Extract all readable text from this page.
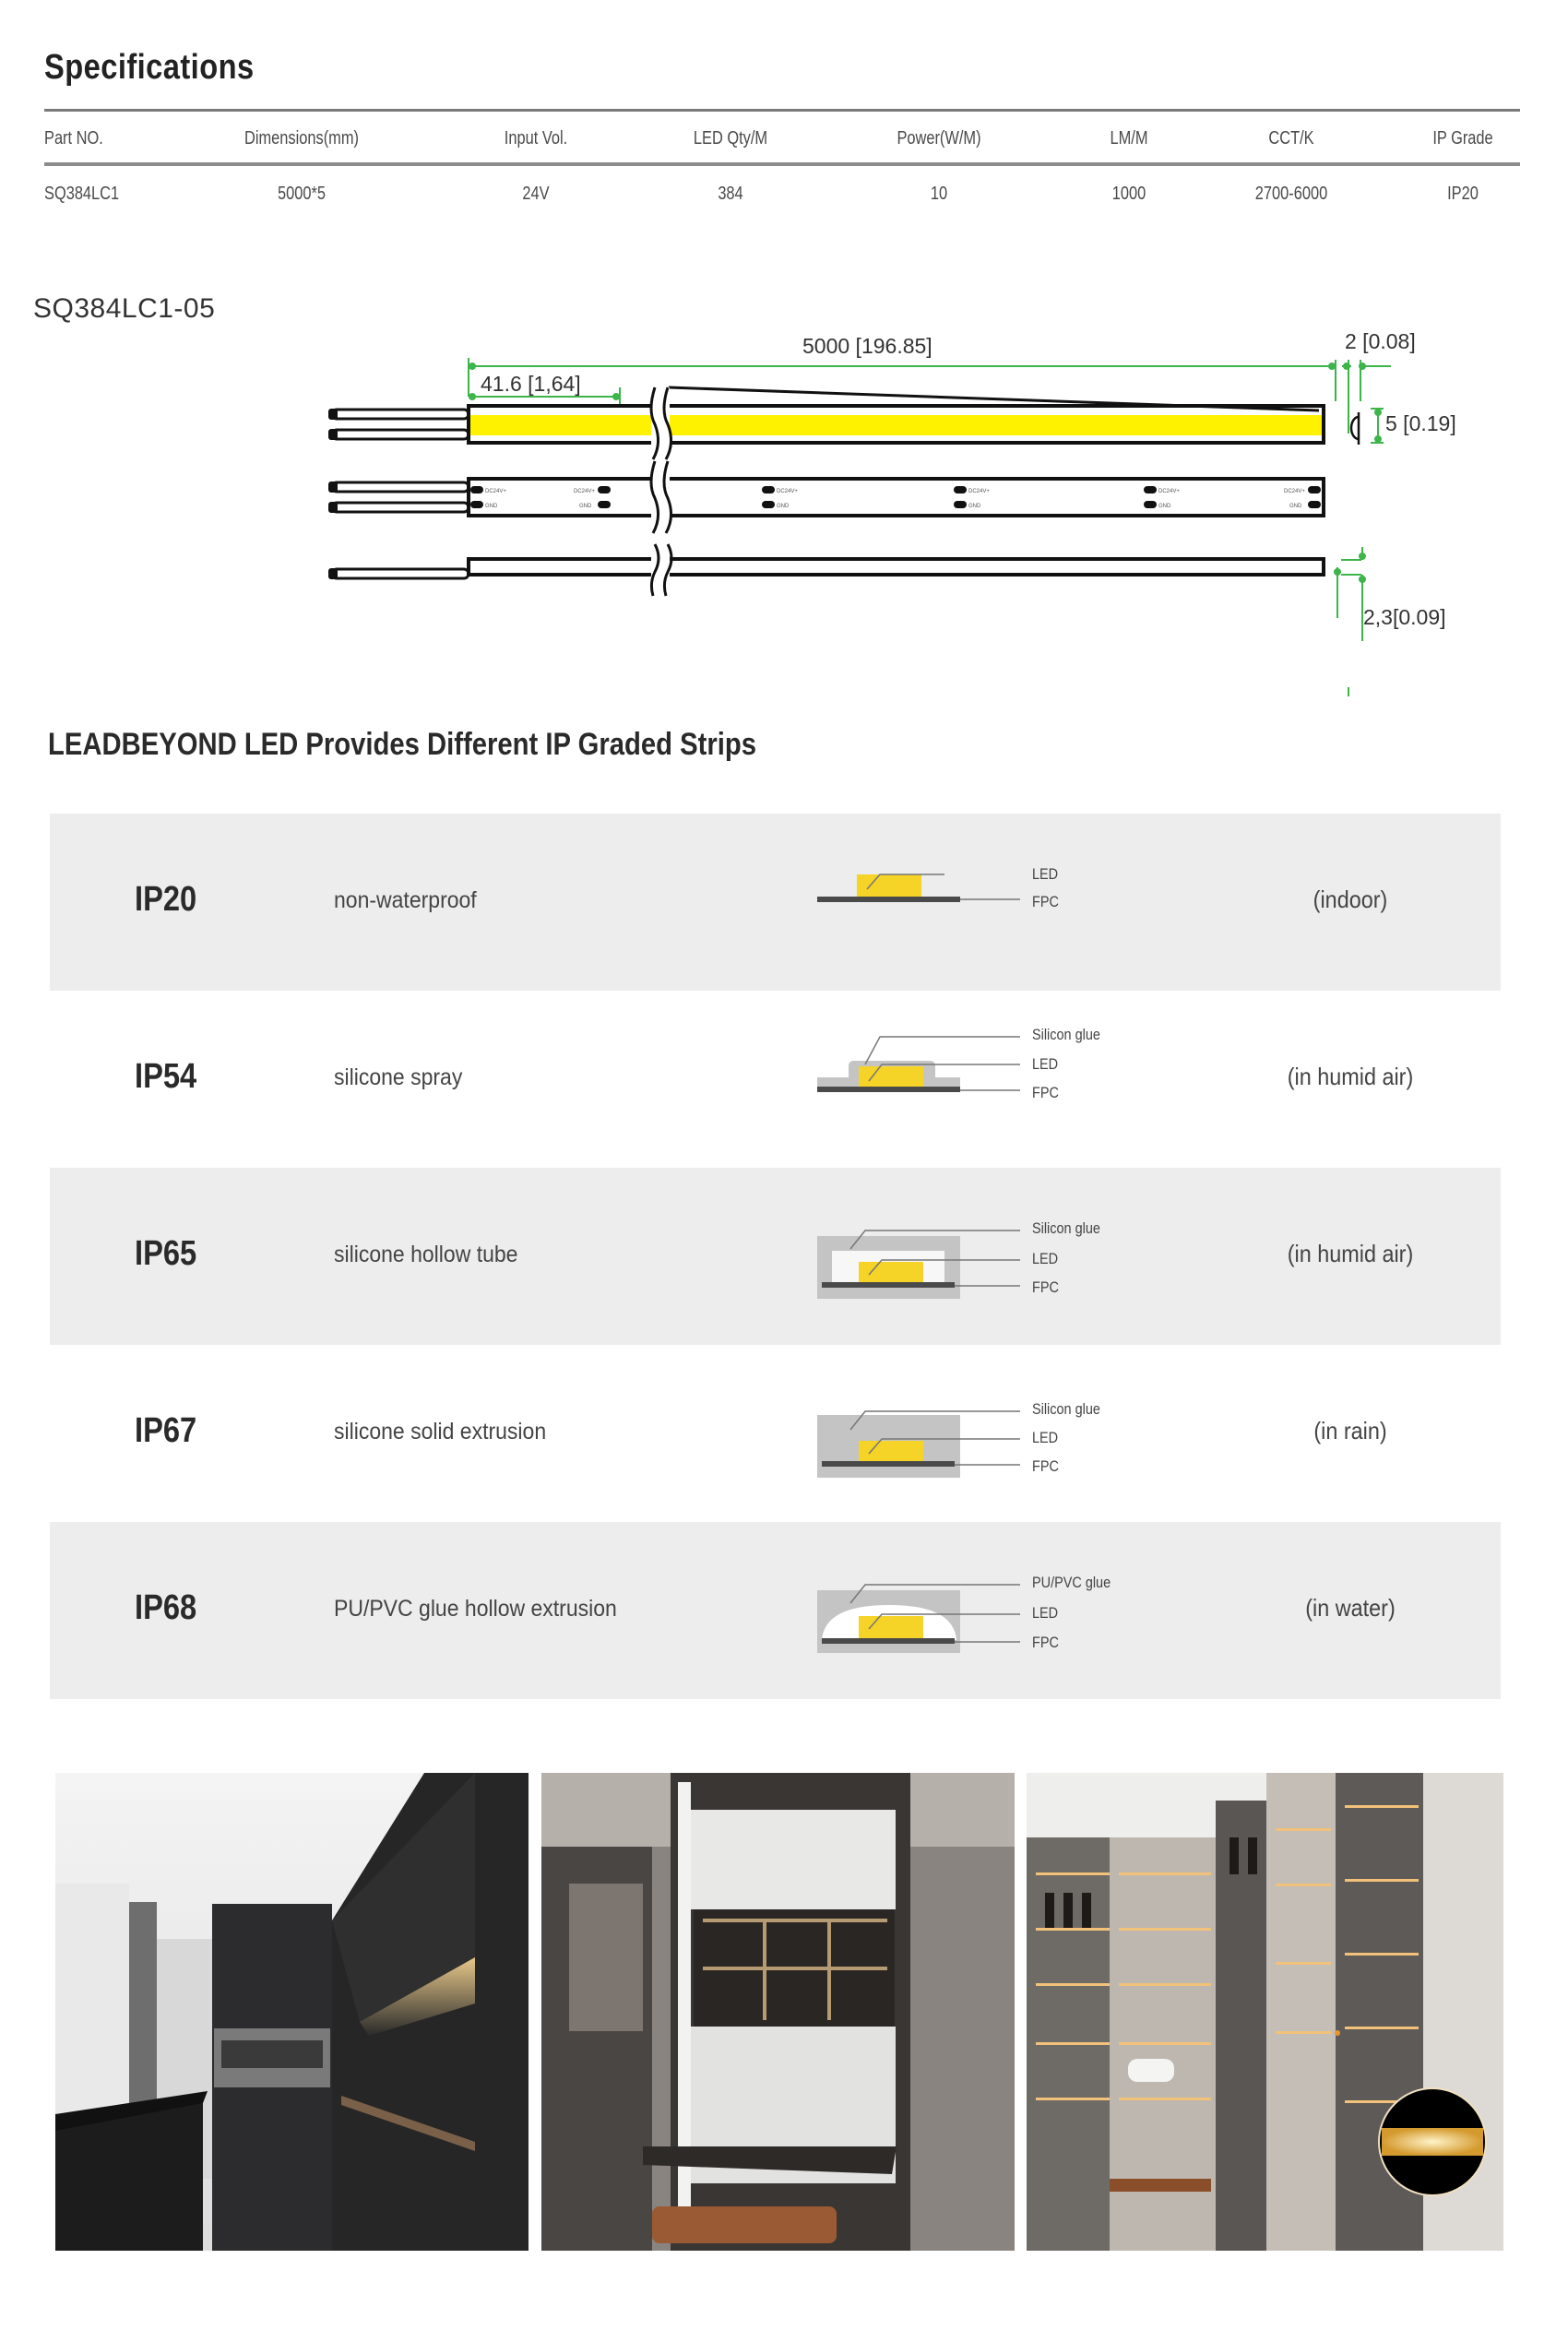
Specifications
Part NO.	Dimensions(mm)	Input Vol.	LED Qty/M	Power(W/M)	LM/M	CCT/K	IP Grade
SQ384LC1	5000*5	24V	384	10	1000	2700-6000	IP20
SQ384LC1-05
DC24V+
GND
DC24V+
GND
DC24V+
GND
DC24V+
GND
DC24V+
GND
DC24V+
GND
41.6 [1,64]
5000 [196.85]	2 [0.08]
5 [0.19]
2,3[0.09]
LEADBEYOND LED Provides Different IP Graded Strips
IP20	non-waterproof
LED
FPC	(indoor)
IP54	silicone spray
Silicon glue
LED
FPC
(in humid air)
IP65	silicone hollow tube
Silicon glue
LED
FPC
(in humid air)
IP67	silicone solid extrusion
Silicon glue
LED
FPC
(in rain)
IP68	PU/PVC glue hollow extrusion
PU/PVC glue
LED
FPC
(in water)
